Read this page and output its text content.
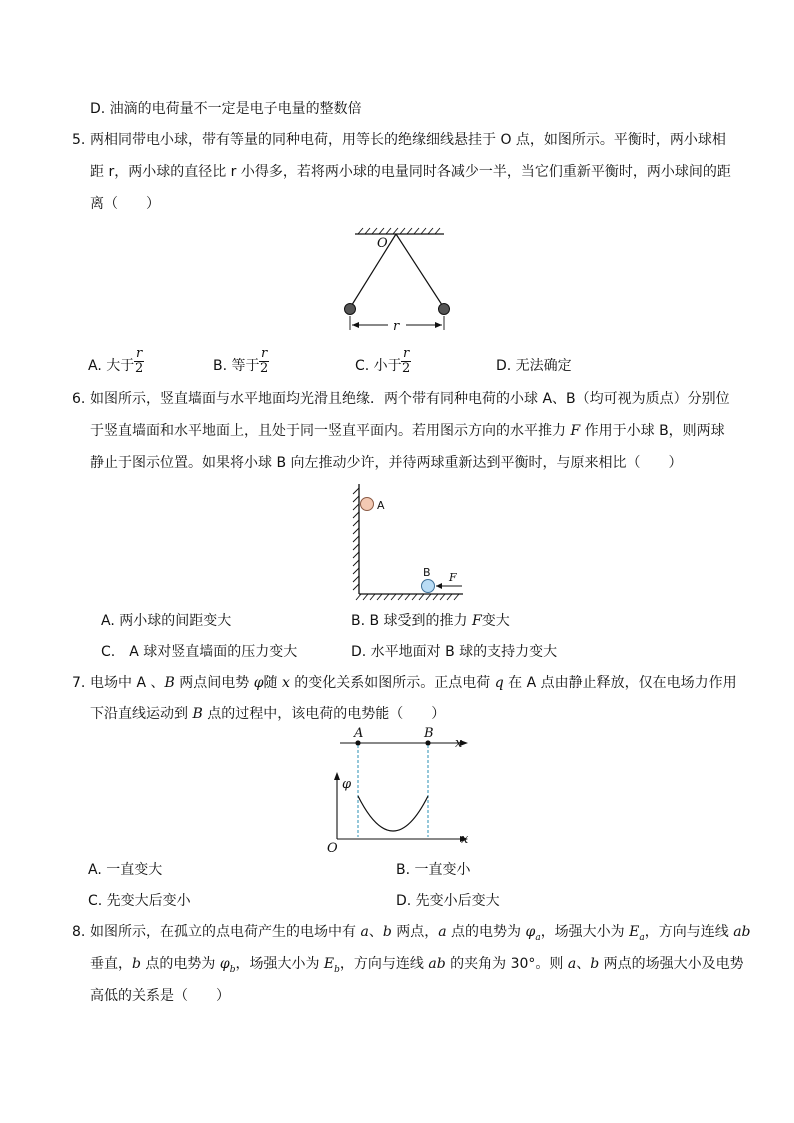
D. 油滴的电荷量不一定是电子电量的整数倍
5. 两相同带电小球，带有等量的同种电荷，用等长的绝缘细线悬挂于 O 点，如图所示。平衡时，两小球相
距 r，两小球的直径比 r 小得多，若将两小球的电量同时各减少一半，当它们重新平衡时，两小球间的距
离（　　）
O
r
A. 大于 $\frac{r}{2}$	B. 等于 $\frac{r}{2}$	C. 小于 $\frac{r}{2}$	D. 无法确定
6. 如图所示，竖直墙面与水平地面均光滑且绝缘．两个带有同种电荷的小球 A、B（均可视为质点）分别位
于竖直墙面和水平地面上，且处于同一竖直平面内。若用图示方向的水平推力 F 作用于小球 B，则两球
静止于图示位置。如果将小球 B 向左推动少许，并待两球重新达到平衡时，与原来相比（　　）
A
B F
A. 两小球的间距变大	B. B 球受到的推力 F变大
C.　A 球对竖直墙面的压力变大	D. 水平地面对 B 球的支持力变大
7. 电场中 A 、B 两点间电势 φ随 x 的变化关系如图所示。正点电荷 q 在 A 点由静止释放，仅在电场力作用
下沿直线运动到 B 点的过程中，该电荷的电势能（　　）
A	B
x
φ
x
O
A. 一直变大	B. 一直变小
C. 先变大后变小	D. 先变小后变大
8. 如图所示，在孤立的点电荷产生的电场中有 a、b 两点，a 点的电势为 $\varphi_a$，场强大小为 $E_a$，方向与连线 ab
垂直，b 点的电势为 $\varphi_b$，场强大小为 $E_b$，方向与连线 ab 的夹角为 30°。则 a、b 两点的场强大小及电势
高低的关系是（　　）
